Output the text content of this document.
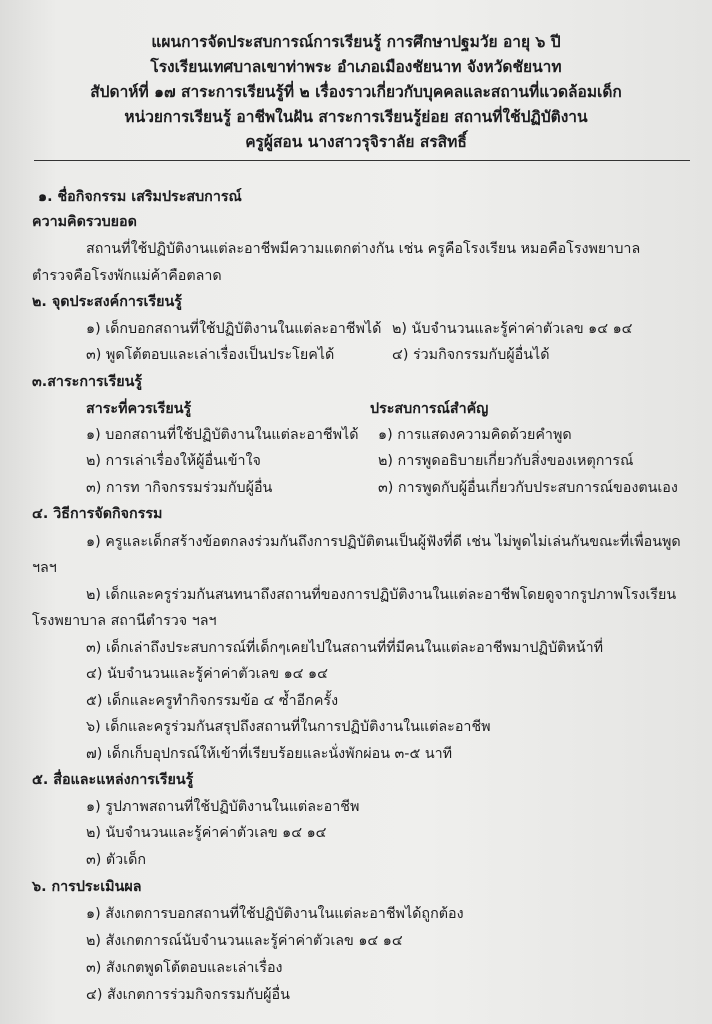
แผนการจัดประสบการณ์การเรียนรู้ การศึกษาปฐมวัย อายุ ๖ ปี
โรงเรียนเทศบาลเขาท่าพระ อำเภอเมืองชัยนาท จังหวัดชัยนาท
สัปดาห์ที่ ๑๗ สาระการเรียนรู้ที่ ๒ เรื่องราวเกี่ยวกับบุคคลและสถานที่แวดล้อมเด็ก
หน่วยการเรียนรู้ อาชีพในฝัน สาระการเรียนรู้ย่อย สถานที่ใช้ปฏิบัติงาน
ครูผู้สอน นางสาวรุจิราลัย สรสิทธิ์
๑. ชื่อกิจกรรม เสริมประสบการณ์
ความคิดรวบยอด
สถานที่ใช้ปฏิบัติงานแต่ละอาชีพมีความแตกต่างกัน เช่น ครูคือโรงเรียน หมอคือโรงพยาบาล
ตำรวจคือโรงพักแม่ค้าคือตลาด
๒. จุดประสงค์การเรียนรู้
๑) เด็กบอกสถานที่ใช้ปฏิบัติงานในแต่ละอาชีพได้ ๒) นับจำนวนและรู้ค่าค่าตัวเลข ๑๔ ๑๔
๓) พูดโต้ตอบและเล่าเรื่องเป็นประโยคได้	๔) ร่วมกิจกรรมกับผู้อื่นได้
๓.สาระการเรียนรู้
สาระที่ควรเรียนรู้	ประสบการณ์สำคัญ
๑) บอกสถานที่ใช้ปฏิบัติงานในแต่ละอาชีพได้ ๑) การแสดงความคิดด้วยคำพูด
๒) การเล่าเรื่องให้ผู้อื่นเข้าใจ	๒) การพูดอธิบายเกี่ยวกับสิ่งของเหตุการณ์
๓) การท ากิจกรรมร่วมกับผู้อื่น	๓) การพูดกับผู้อื่นเกี่ยวกับประสบการณ์ของตนเอง
๔. วิธีการจัดกิจกรรม
๑) ครูและเด็กสร้างข้อตกลงร่วมกันถึงการปฏิบัติตนเป็นผู้ฟังที่ดี เช่น ไม่พูดไม่เล่นกันขณะที่เพื่อนพูด
ฯลฯ
๒) เด็กและครูร่วมกันสนทนาถึงสถานที่ของการปฏิบัติงานในแต่ละอาชีพโดยดูจากรูปภาพโรงเรียน
โรงพยาบาล สถานีตำรวจ ฯลฯ
๓) เด็กเล่าถึงประสบการณ์ที่เด็กๆเคยไปในสถานที่ที่มีคนในแต่ละอาชีพมาปฏิบัติหน้าที่
๔) นับจำนวนและรู้ค่าค่าตัวเลข ๑๔ ๑๔
๕) เด็กและครูทำกิจกรรมข้อ ๔ ซ้ำอีกครั้ง
๖) เด็กและครูร่วมกันสรุปถึงสถานที่ในการปฏิบัติงานในแต่ละอาชีพ
๗) เด็กเก็บอุปกรณ์ให้เข้าที่เรียบร้อยและนั่งพักผ่อน ๓-๕ นาที
๕. สื่อและแหล่งการเรียนรู้
๑) รูปภาพสถานที่ใช้ปฏิบัติงานในแต่ละอาชีพ
๒) นับจำนวนและรู้ค่าค่าตัวเลข ๑๔ ๑๔
๓) ตัวเด็ก
๖. การประเมินผล
๑) สังเกตการบอกสถานที่ใช้ปฏิบัติงานในแต่ละอาชีพได้ถูกต้อง
๒) สังเกตการณ์นับจำนวนและรู้ค่าค่าตัวเลข ๑๔ ๑๔
๓) สังเกตพูดโต้ตอบและเล่าเรื่อง
๔) สังเกตการร่วมกิจกรรมกับผู้อื่น
